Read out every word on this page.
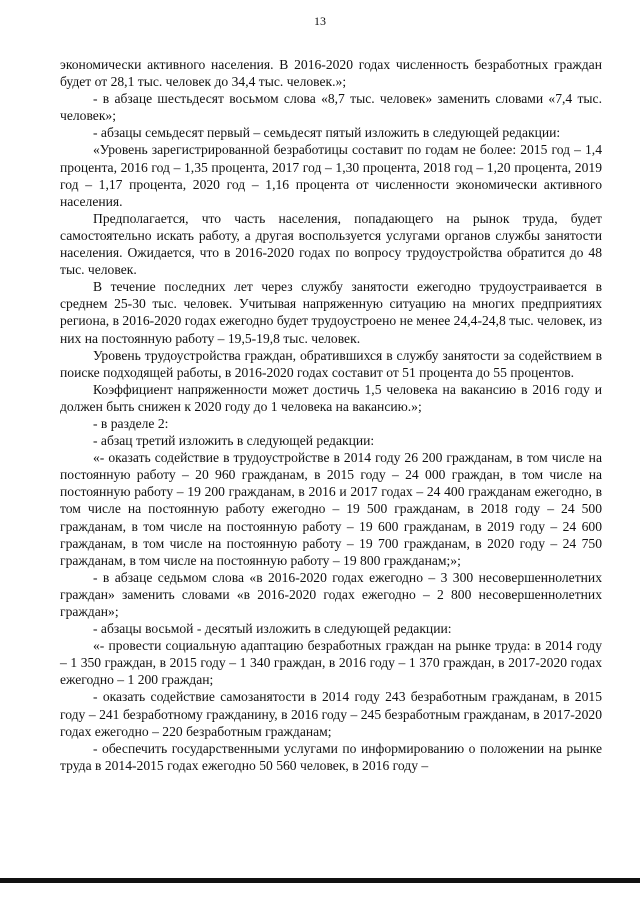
13

экономически активного населения. В 2016-2020 годах численность безработных граждан будет от 28,1 тыс. человек до 34,4 тыс. человек.»;

- в абзаце шестьдесят восьмом слова «8,7 тыс. человек» заменить словами «7,4 тыс. человек»;

- абзацы семьдесят первый – семьдесят пятый изложить в следующей редакции:

«Уровень зарегистрированной безработицы составит по годам не более: 2015 год – 1,4 процента, 2016 год – 1,35 процента, 2017 год – 1,30 процента, 2018 год – 1,20 процента, 2019 год – 1,17 процента, 2020 год – 1,16 процента от численности экономически активного населения.

Предполагается, что часть населения, попадающего на рынок труда, будет самостоятельно искать работу, а другая воспользуется услугами органов службы занятости населения. Ожидается, что в 2016-2020 годах по вопросу трудоустройства обратится до 48 тыс. человек.

В течение последних лет через службу занятости ежегодно трудоустраивается в среднем 25-30 тыс. человек. Учитывая напряженную ситуацию на многих предприятиях региона, в 2016-2020 годах ежегодно будет трудоустроено не менее 24,4-24,8 тыс. человек, из них на постоянную работу – 19,5-19,8 тыс. человек.

Уровень трудоустройства граждан, обратившихся в службу занятости за содействием в поиске подходящей работы, в 2016-2020 годах составит от 51 процента до 55 процентов.

Коэффициент напряженности может достичь 1,5 человека на вакансию в 2016 году и должен быть снижен к 2020 году до 1 человека на вакансию.»;

- в разделе 2:

- абзац третий изложить в следующей редакции:

«- оказать содействие в трудоустройстве в 2014 году 26 200 гражданам, в том числе на постоянную работу – 20 960 гражданам, в 2015 году – 24 000 граждан, в том числе на постоянную работу – 19 200 гражданам, в 2016 и 2017 годах – 24 400 гражданам ежегодно, в том числе на постоянную работу ежегодно – 19 500 гражданам, в 2018 году – 24 500 гражданам, в том числе на постоянную работу – 19 600 гражданам, в 2019 году – 24 600 гражданам, в том числе на постоянную работу – 19 700 гражданам, в 2020 году – 24 750 гражданам, в том числе на постоянную работу – 19 800 гражданам;»;

- в абзаце седьмом слова «в 2016-2020 годах ежегодно – 3 300 несовершеннолетних граждан» заменить словами «в 2016-2020 годах ежегодно – 2 800 несовершеннолетних граждан»;

- абзацы восьмой - десятый изложить в следующей редакции:

«- провести социальную адаптацию безработных граждан на рынке труда: в 2014 году – 1 350 граждан, в 2015 году – 1 340 граждан, в 2016 году – 1 370 граждан, в 2017-2020 годах ежегодно – 1 200 граждан;

- оказать содействие самозанятости в 2014 году 243 безработным гражданам, в 2015 году – 241 безработному гражданину, в 2016 году – 245 безработным гражданам, в 2017-2020 годах ежегодно – 220 безработным гражданам;

- обеспечить государственными услугами по информированию о положении на рынке труда в 2014-2015 годах ежегодно 50 560 человек, в 2016 году –
